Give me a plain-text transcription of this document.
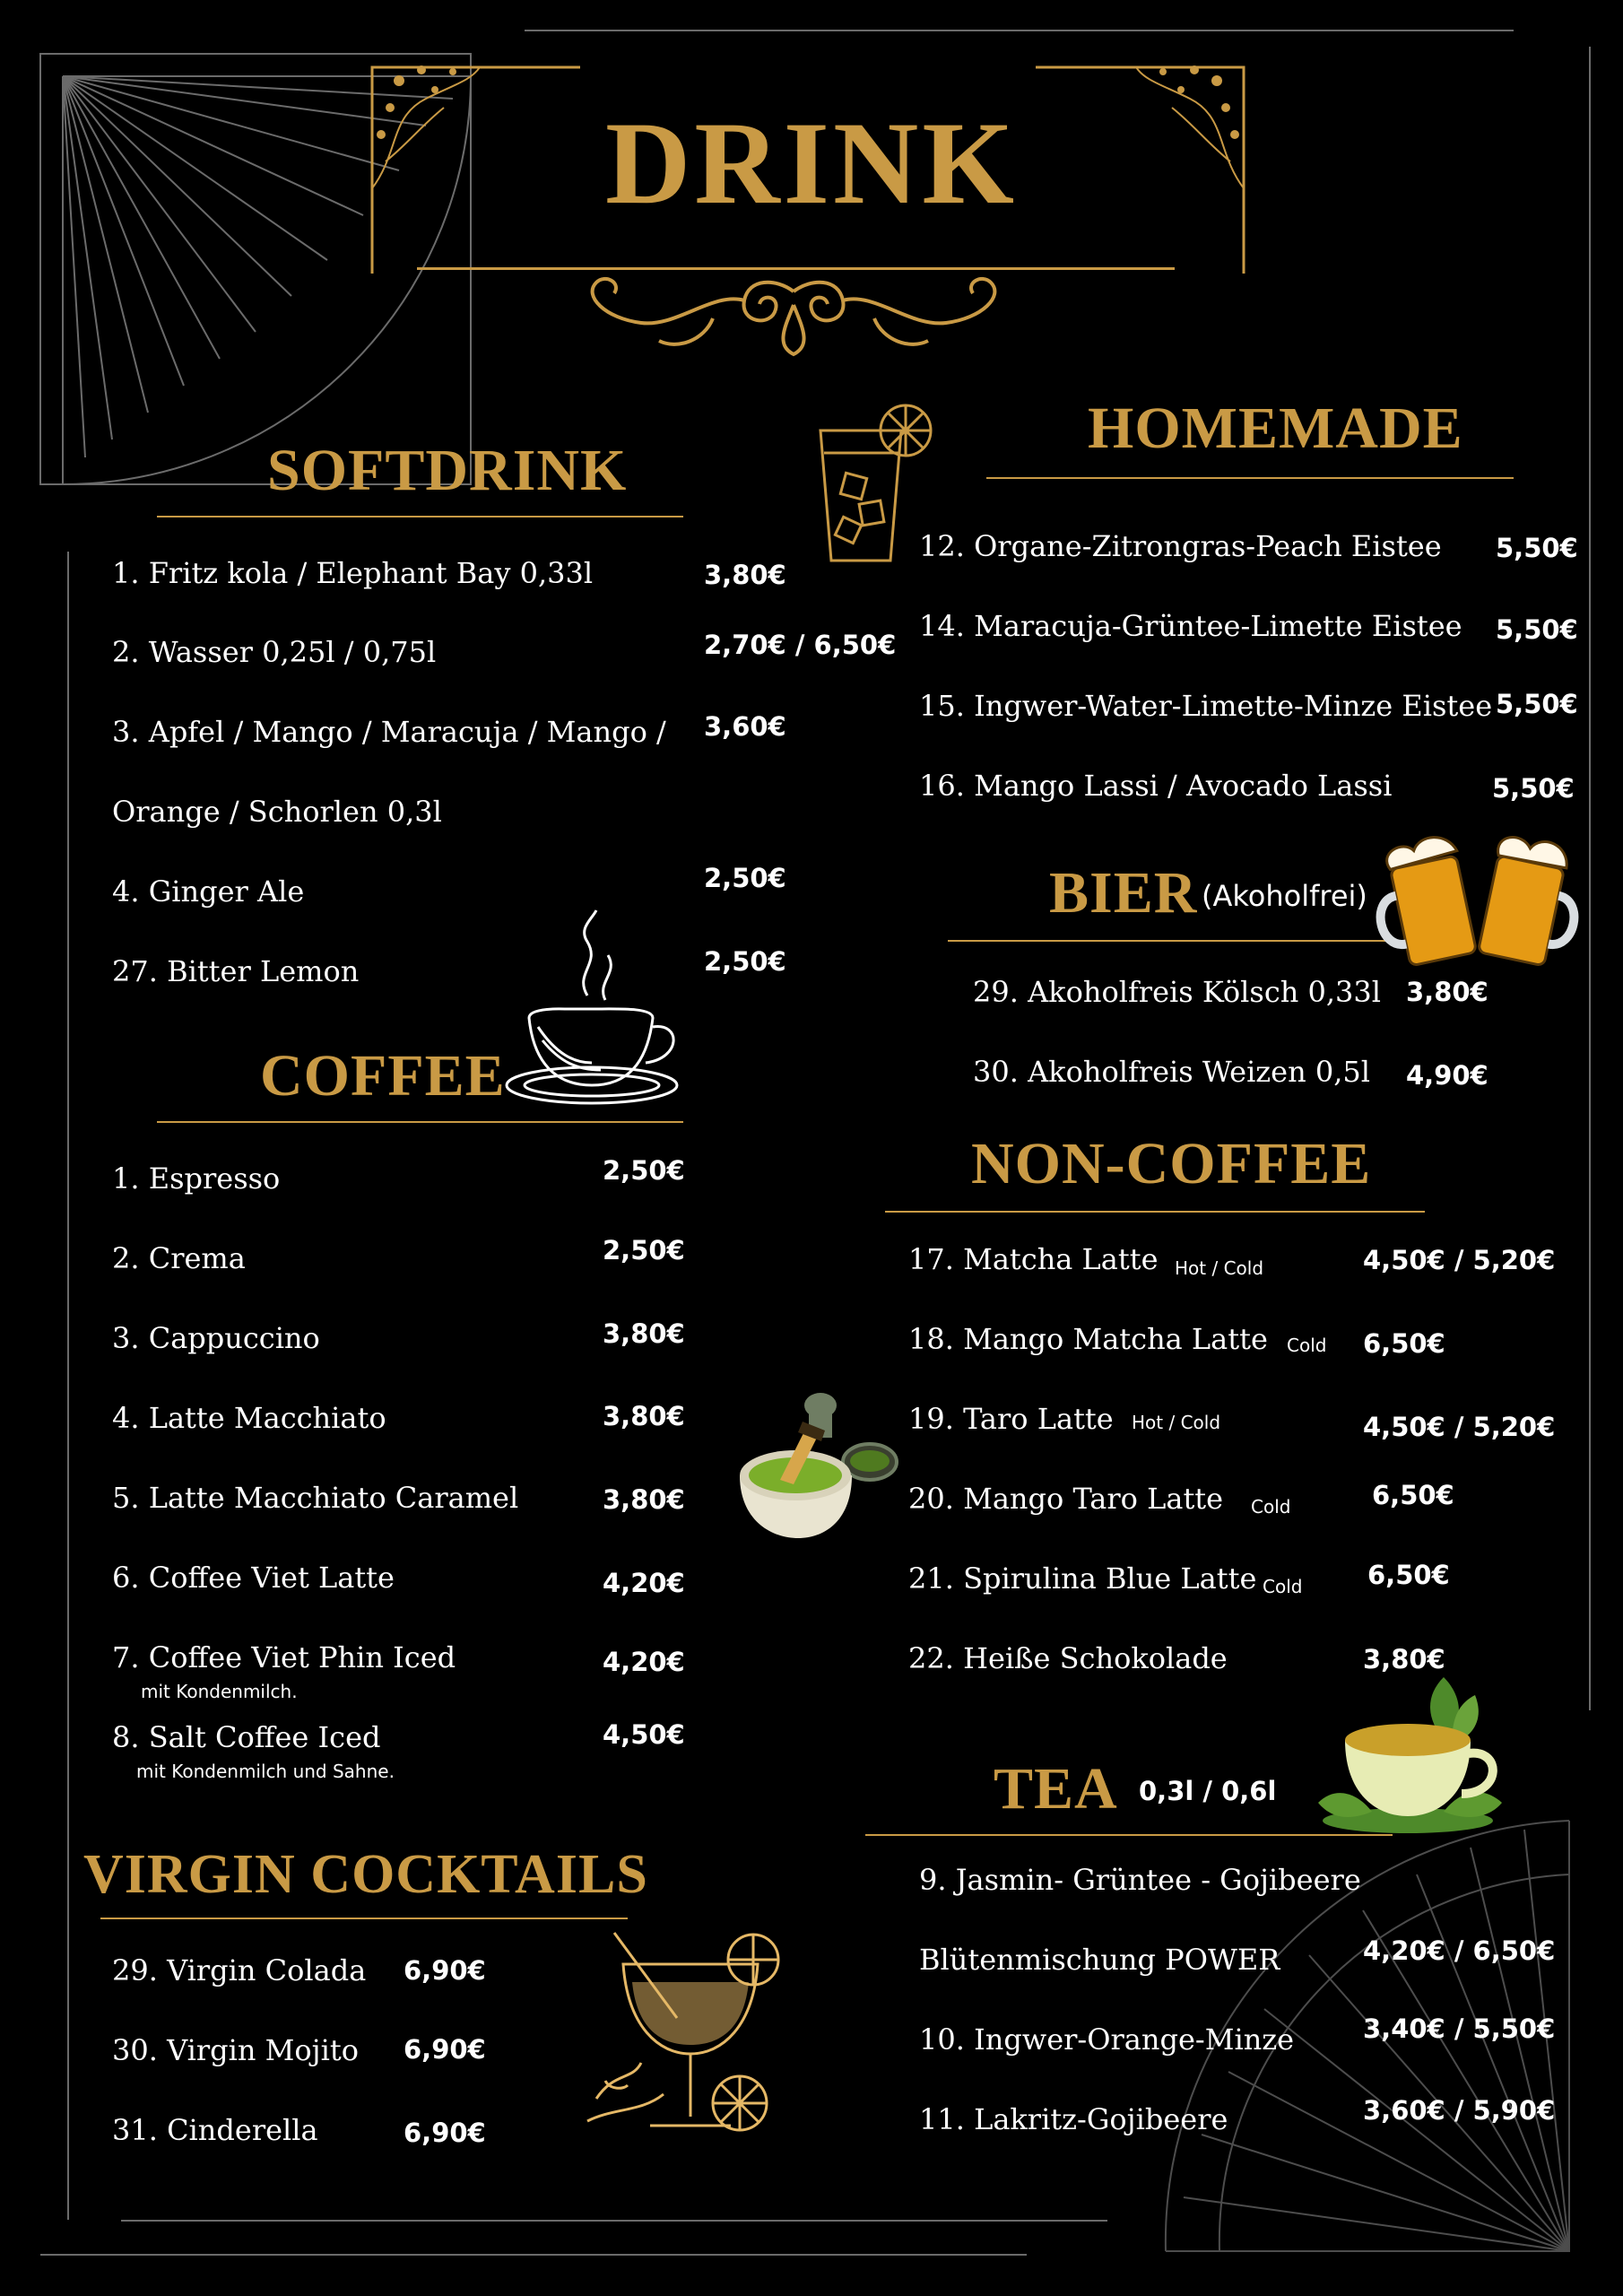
DRINK
SOFTDRINK
1. Fritz kola / Elephant Bay 0,33l	3,80€
2. Wasser 0,25l / 0,75l	2,70€ / 6,50€
3. Apfel / Mango / Maracuja / Mango / 3,60€
Orange / Schorlen 0,3l
4. Ginger Ale	2,50€
27. Bitter Lemon	2,50€
COFFEE
1. Espresso	2,50€
2. Crema	2,50€
3. Cappuccino	3,80€
4. Latte Macchiato	3,80€
5. Latte Macchiato Caramel	3,80€
6. Coffee Viet Latte	4,20€
7. Coffee Viet Phin Iced
mit Kondenmilch.
4,20€
8. Salt Coffee Iced
mit Kondenmilch und Sahne.
4,50€
VIRGIN COCKTAILS
29. Virgin Colada 6,90€
30. Virgin Mojito 6,90€
31. Cinderella	6,90€
HOMEMADE
12. Organe-Zitrongras-Peach Eistee 5,50€
14. Maracuja-Grüntee-Limette Eistee 5,50€
15. Ingwer-Water-Limette-Minze Eistee 5,50€
16. Mango Lassi / Avocado Lassi	5,50€
BIER (Akoholfrei)
29. Akoholfreis Kölsch 0,33l 3,80€
30. Akoholfreis Weizen 0,5l 4,90€
NON-COFFEE
17. Matcha Latte Hot / Cold	4,50€ / 5,20€
18. Mango Matcha Latte Cold 6,50€
19. Taro Latte Hot / Cold	4,50€ / 5,20€
20. Mango Taro Latte Cold	6,50€
21. Spirulina Blue Latte Cold	6,50€
22. Heiße Schokolade	3,80€
TEA 0,3l / 0,6l
9. Jasmin- Grüntee - Gojibeere
Blütenmischung POWER	4,20€ / 6,50€
10. Ingwer-Orange-Minze	3,40€ / 5,50€
11. Lakritz-Gojibeere	3,60€ / 5,90€
